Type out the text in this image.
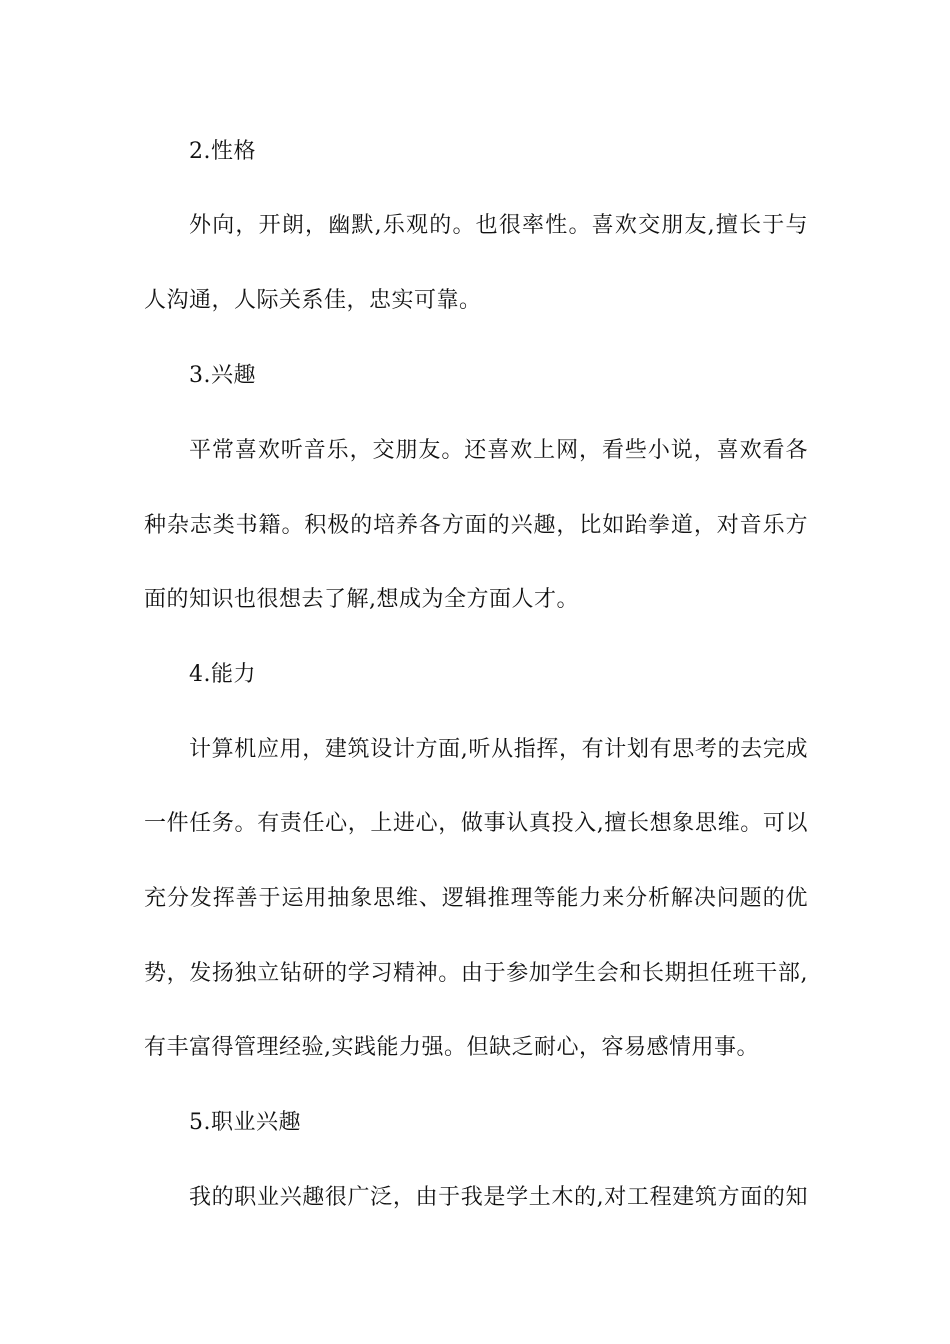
2.性格
外向，开朗，幽默,乐观的。也很率性。喜欢交朋友,擅长于与
人沟通，人际关系佳，忠实可靠。
3.兴趣
平常喜欢听音乐，交朋友。还喜欢上网，看些小说，喜欢看各
种杂志类书籍。积极的培养各方面的兴趣，比如跆拳道，对音乐方
面的知识也很想去了解,想成为全方面人才。
4.能力
计算机应用，建筑设计方面,听从指挥，有计划有思考的去完成
一件任务。有责任心，上进心，做事认真投入,擅长想象思维。可以
充分发挥善于运用抽象思维、逻辑推理等能力来分析解决问题的优
势，发扬独立钻研的学习精神。由于参加学生会和长期担任班干部,
有丰富得管理经验,实践能力强。但缺乏耐心，容易感情用事。
5.职业兴趣
我的职业兴趣很广泛，由于我是学土木的,对工程建筑方面的知
